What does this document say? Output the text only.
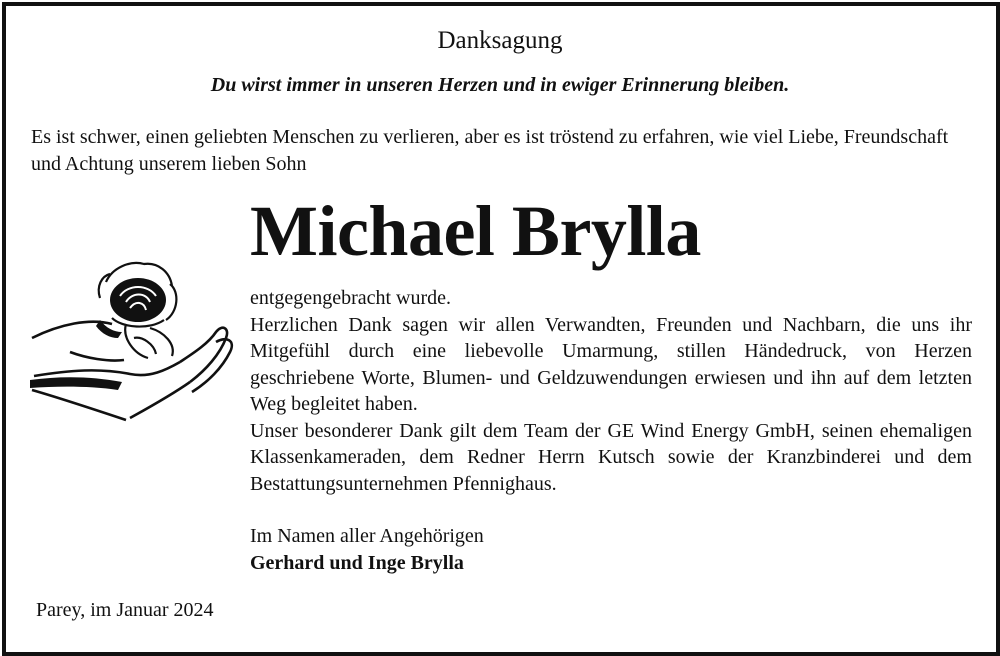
Danksagung
Du wirst immer in unseren Herzen und in ewiger Erinnerung bleiben.
Es ist schwer, einen geliebten Menschen zu verlieren, aber es ist tröstend zu erfahren, wie viel Liebe, Freundschaft und Achtung unserem lieben Sohn
Michael Brylla

entgegengebracht wurde.

Herzlichen Dank sagen wir allen Verwandten, Freunden und Nachbarn, die uns ihr Mitgefühl durch eine liebevolle Umarmung, stillen Händedruck, von Herzen geschriebene Worte, Blumen- und Geldzuwendungen erwiesen und ihn auf dem letzten Weg begleitet haben.

Unser besonderer Dank gilt dem Team der GE Wind Energy GmbH, seinen ehemaligen Klassenkameraden, dem Redner Herrn Kutsch sowie der Kranzbinderei und dem Bestattungsunternehmen Pfennighaus.

Im Namen aller Angehörigen
Gerhard und Inge Brylla
Parey, im Januar 2024
